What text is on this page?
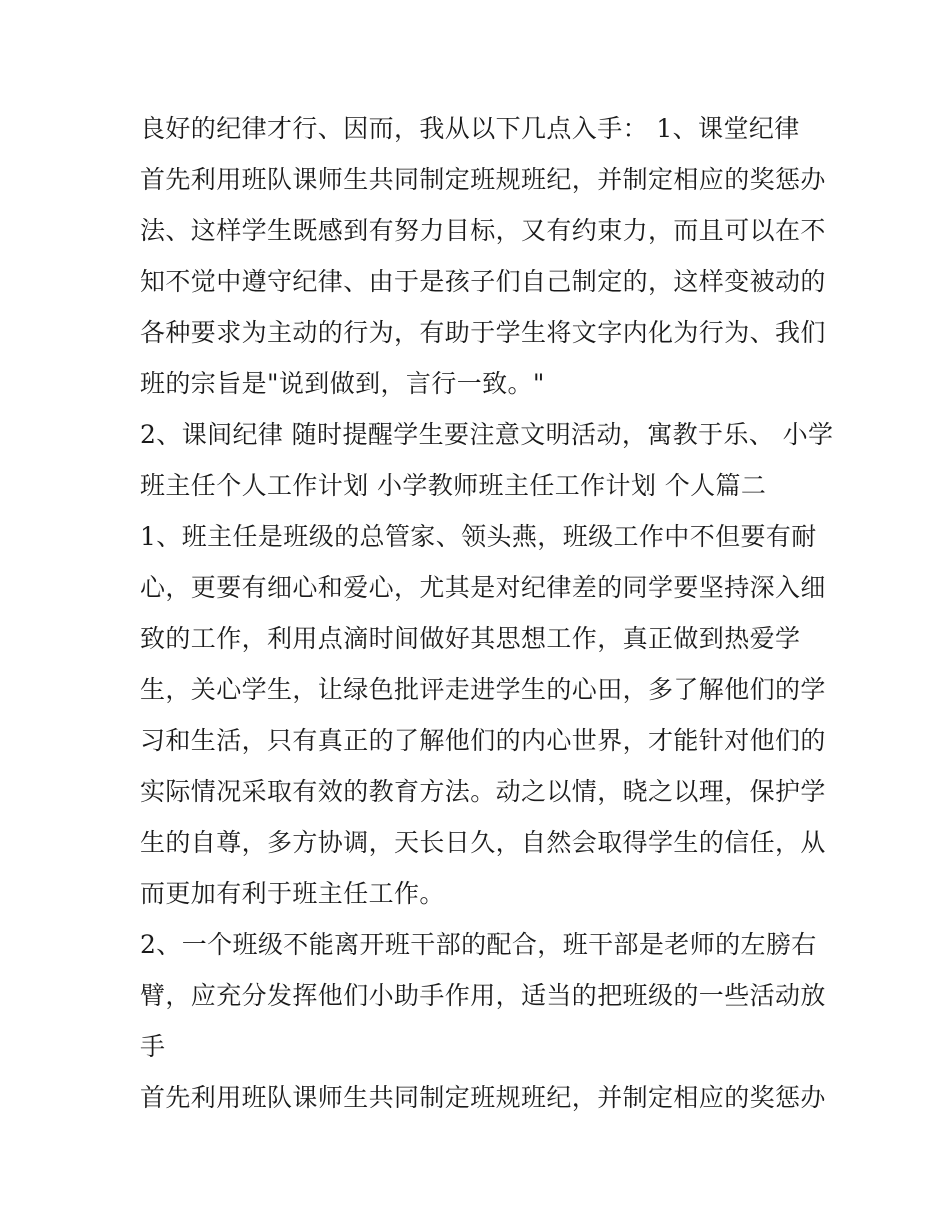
良好的纪律才行、因而，我从以下几点入手： 1、课堂纪律
首先利用班队课师生共同制定班规班纪，并制定相应的奖惩办
法、这样学生既感到有努力目标，又有约束力，而且可以在不
知不觉中遵守纪律、由于是孩子们自己制定的，这样变被动的
各种要求为主动的行为，有助于学生将文字内化为行为、我们
班的宗旨是"说到做到，言行一致。"
2、课间纪律 随时提醒学生要注意文明活动，寓教于乐、 小学
班主任个人工作计划 小学教师班主任工作计划 个人篇二
1、班主任是班级的总管家、领头燕，班级工作中不但要有耐
心，更要有细心和爱心，尤其是对纪律差的同学要坚持深入细
致的工作，利用点滴时间做好其思想工作，真正做到热爱学
生，关心学生，让绿色批评走进学生的心田，多了解他们的学
习和生活，只有真正的了解他们的内心世界，才能针对他们的
实际情况采取有效的教育方法。动之以情，晓之以理，保护学
生的自尊，多方协调，天长日久，自然会取得学生的信任，从
而更加有利于班主任工作。
2、一个班级不能离开班干部的配合，班干部是老师的左膀右
臂，应充分发挥他们小助手作用，适当的把班级的一些活动放
手
首先利用班队课师生共同制定班规班纪，并制定相应的奖惩办
